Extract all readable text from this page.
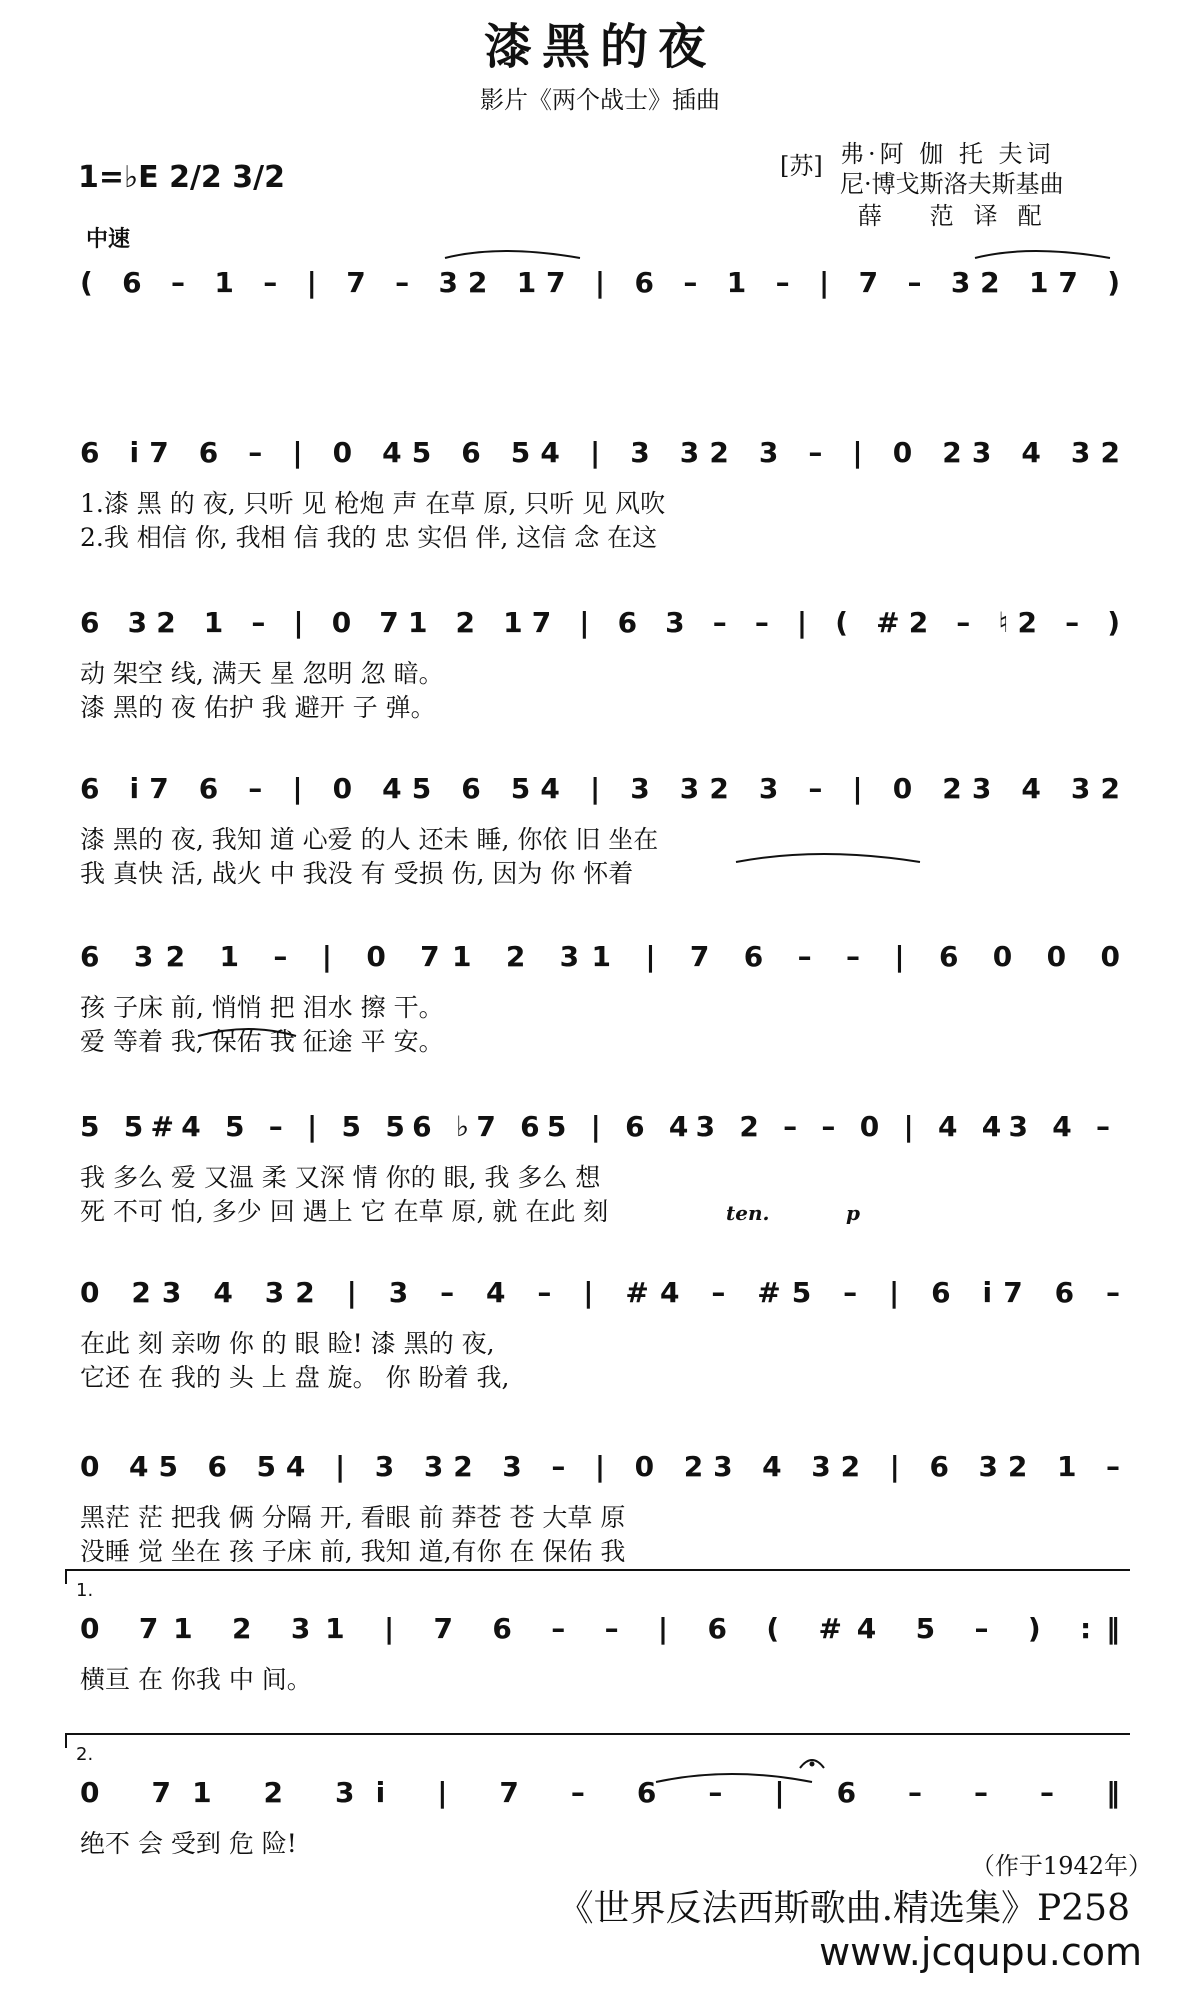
漆黑的夜
影片《两个战士》插曲
[苏] 弗·阿 伽 托 夫词
尼·博戈斯洛夫斯基曲
薛 范译配
1=♭E 2/2 3/2
中速
( 6 – 1 – | 7 – 32 17 | 6 – 1 – | 7 – 32 17 )
6 i7 6 – | 0 45 6 54 | 3 32 3 – | 0 23 4 32
1.漆 黑 的 夜, 只听 见 枪炮 声 在草 原, 只听 见 风吹
2.我 相信 你, 我相 信 我的 忠 实侣 伴, 这信 念 在这
6 32 1 – | 0 71 2 17 | 6 3 – – | ( #2 – ♮2 – )
动 架空 线, 满天 星 忽明 忽 暗。
漆 黑的 夜 佑护 我 避开 子 弹。
6 i7 6 – | 0 45 6 54 | 3 32 3 – | 0 23 4 32
漆 黑的 夜, 我知 道 心爱 的人 还未 睡, 你依 旧 坐在
我 真快 活, 战火 中 我没 有 受损 伤, 因为 你 怀着
6 32 1 – | 0 71 2 31 | 7 6 – – | 6 0 0 0
孩 子床 前, 悄悄 把 泪水 擦 干。
爱 等着 我, 保佑 我 征途 平 安。
5 5#4 5 – | 5 56 ♭7 65 | 6 43 2 – – 0 | 4 43 4 –
我 多么 爱 又温 柔 又深 情 你的 眼, 我 多么 想
死 不可 怕, 多少 回 遇上 它 在草 原, 就 在此 刻
0 23 4 32 | 3 – 4 – | #4 – #5 – | 6 i7 6 –
在此 刻 亲吻 你 的 眼 睑! 漆 黑的 夜,
它还 在 我的 头 上 盘 旋。 你 盼着 我,
0 45 6 54 | 3 32 3 – | 0 23 4 32 | 6 32 1 –
黑茫 茫 把我 俩 分隔 开, 看眼 前 莽苍 苍 大草 原
没睡 觉 坐在 孩 子床 前, 我知 道,有你 在 保佑 我
0 71 2 31 | 7 6 – – | 6 ( #4 5 – ) :‖
横亘 在 你我 中 间。
0 71 2 3i | 7 – 6 – | 6 – – – ‖
绝不 会 受到 危 险!
ten.	p
1.
2.
（作于1942年）
《世界反法西斯歌曲.精选集》P258
www.jcqupu.com
